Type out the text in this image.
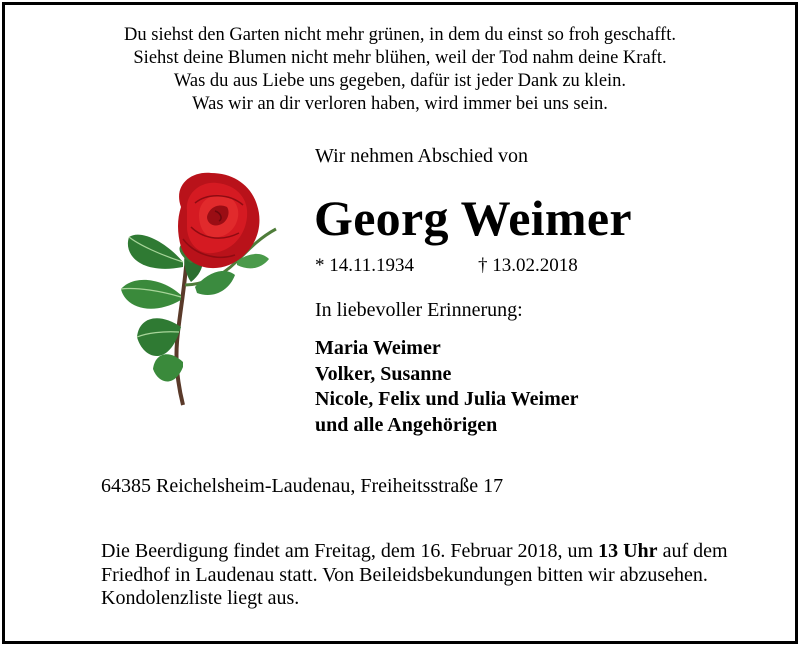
Du siehst den Garten nicht mehr grünen, in dem du einst so froh geschafft.
Siehst deine Blumen nicht mehr blühen, weil der Tod nahm deine Kraft.
Was du aus Liebe uns gegeben, dafür ist jeder Dank zu klein.
Was wir an dir verloren haben, wird immer bei uns sein.
Wir nehmen Abschied von
Georg Weimer
* 14.11.1934	† 13.02.2018
In liebevoller Erinnerung:
Maria Weimer
Volker, Susanne
Nicole, Felix und Julia Weimer
und alle Angehörigen
64385 Reichelsheim-Laudenau, Freiheitsstraße 17
Die Beerdigung findet am Freitag, dem 16. Februar 2018, um 13 Uhr auf dem Friedhof in Laudenau statt. Von Beileidsbekundungen bitten wir abzusehen. Kondolenzliste liegt aus.
